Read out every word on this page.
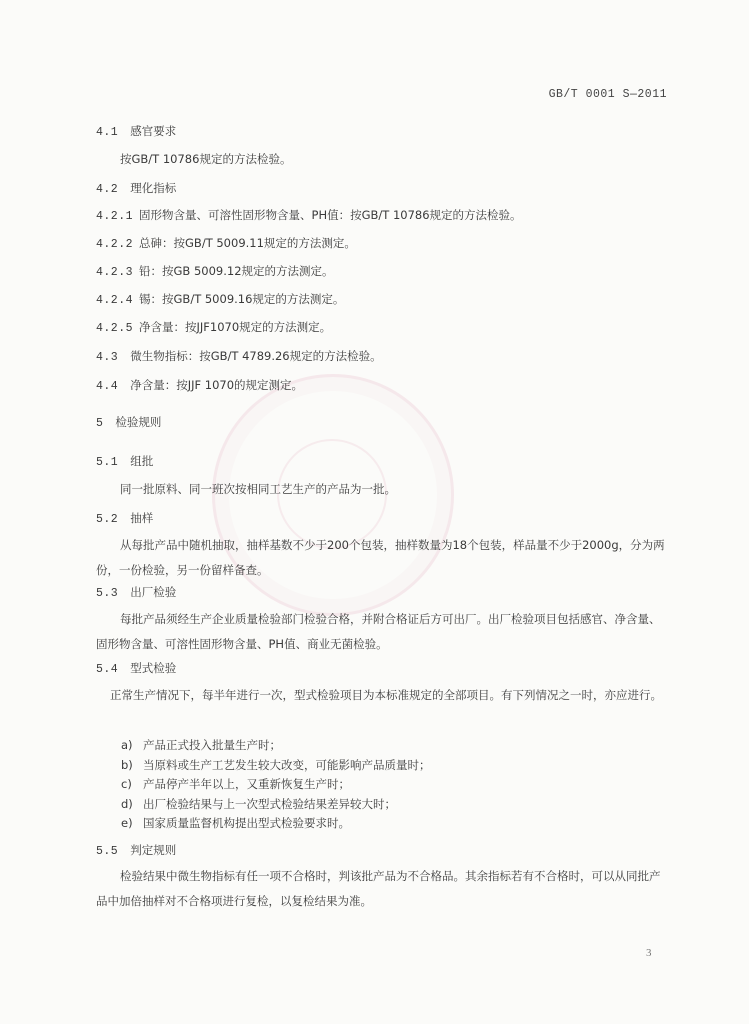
GB/T 0001 S—2011
4.1 感官要求
按GB/T 10786规定的方法检验。
4.2 理化指标
4.2.1 固形物含量、可溶性固形物含量、PH值：按GB/T 10786规定的方法检验。
4.2.2 总砷：按GB/T 5009.11规定的方法测定。
4.2.3 铅：按GB 5009.12规定的方法测定。
4.2.4 锡：按GB/T 5009.16规定的方法测定。
4.2.5 净含量：按JJF1070规定的方法测定。
4.3 微生物指标：按GB/T 4789.26规定的方法检验。
4.4 净含量：按JJF 1070的规定测定。
5 检验规则
5.1 组批
同一批原料、同一班次按相同工艺生产的产品为一批。
5.2 抽样
从每批产品中随机抽取，抽样基数不少于200个包装，抽样数量为18个包装，样品量不少于2000g，分为两份，一份检验，另一份留样备查。
5.3 出厂检验
每批产品须经生产企业质量检验部门检验合格，并附合格证后方可出厂。出厂检验项目包括感官、净含量、固形物含量、可溶性固形物含量、PH值、商业无菌检验。
5.4 型式检验
正常生产情况下，每半年进行一次，型式检验项目为本标准规定的全部项目。有下列情况之一时，亦应进行。
a) 产品正式投入批量生产时；
b) 当原料或生产工艺发生较大改变，可能影响产品质量时；
c) 产品停产半年以上，又重新恢复生产时；
d) 出厂检验结果与上一次型式检验结果差异较大时；
e) 国家质量监督机构提出型式检验要求时。
5.5 判定规则
检验结果中微生物指标有任一项不合格时，判该批产品为不合格品。其余指标若有不合格时，可以从同批产品中加倍抽样对不合格项进行复检，以复检结果为准。
3
